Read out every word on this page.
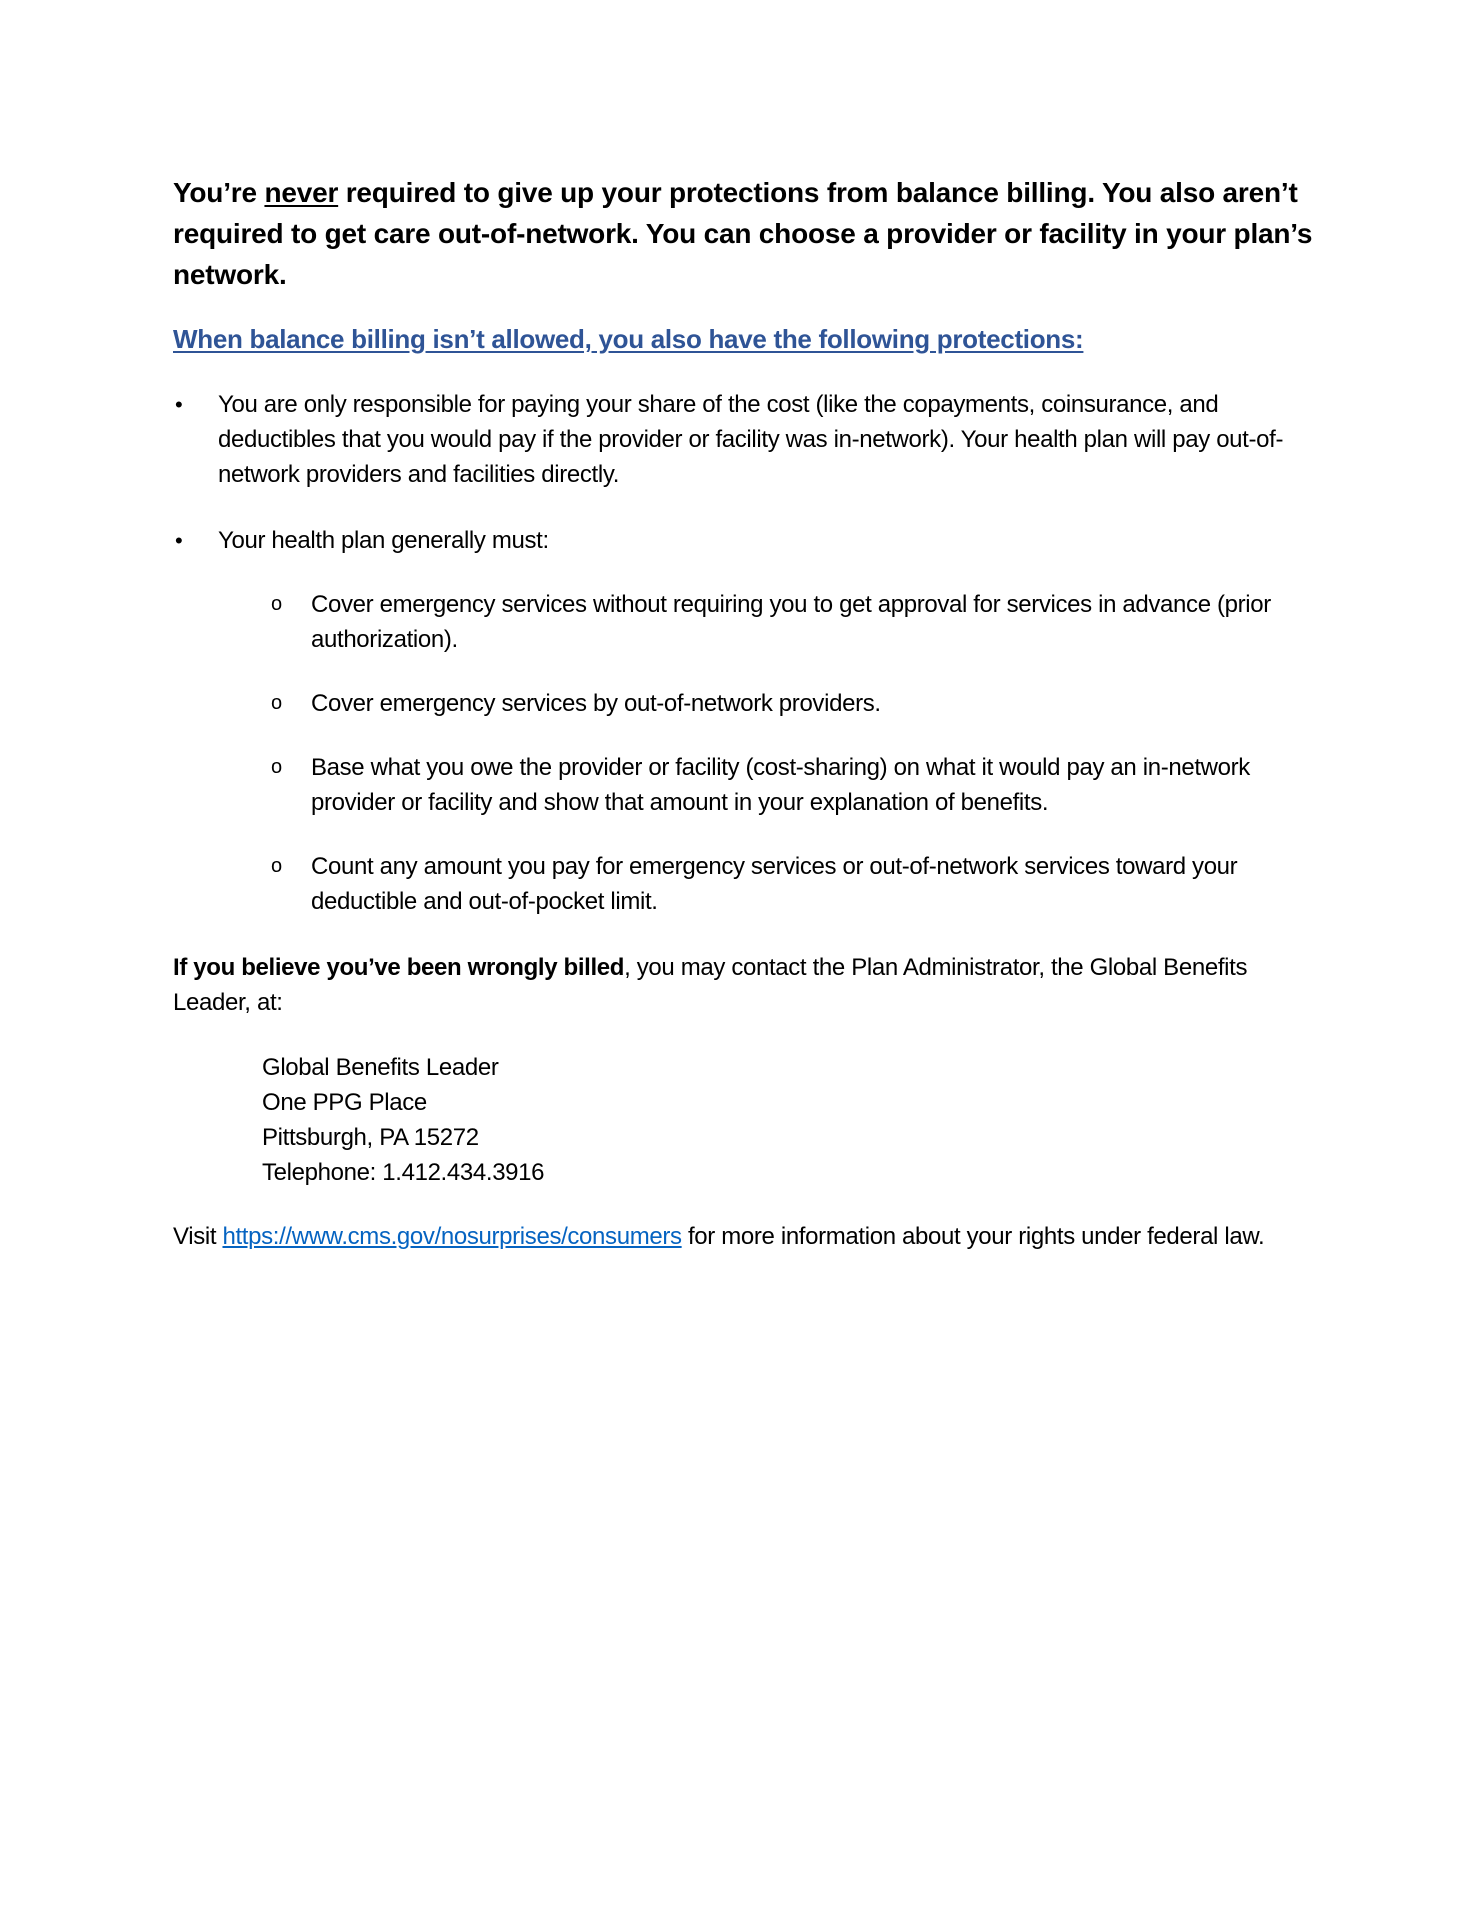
You’re never required to give up your protections from balance billing. You also aren’t required to get care out-of-network. You can choose a provider or facility in your plan’s network.

When balance billing isn’t allowed, you also have the following protections:

• You are only responsible for paying your share of the cost (like the copayments, coinsurance, and deductibles that you would pay if the provider or facility was in-network). Your health plan will pay out-of-network providers and facilities directly.
• Your health plan generally must:
o Cover emergency services without requiring you to get approval for services in advance (prior authorization).
o Cover emergency services by out-of-network providers.
o Base what you owe the provider or facility (cost-sharing) on what it would pay an in-network provider or facility and show that amount in your explanation of benefits.
o Count any amount you pay for emergency services or out-of-network services toward your deductible and out-of-pocket limit.

If you believe you’ve been wrongly billed, you may contact the Plan Administrator, the Global Benefits Leader, at:

Global Benefits Leader
One PPG Place
Pittsburgh, PA 15272
Telephone: 1.412.434.3916

Visit https://www.cms.gov/nosurprises/consumers for more information about your rights under federal law.
